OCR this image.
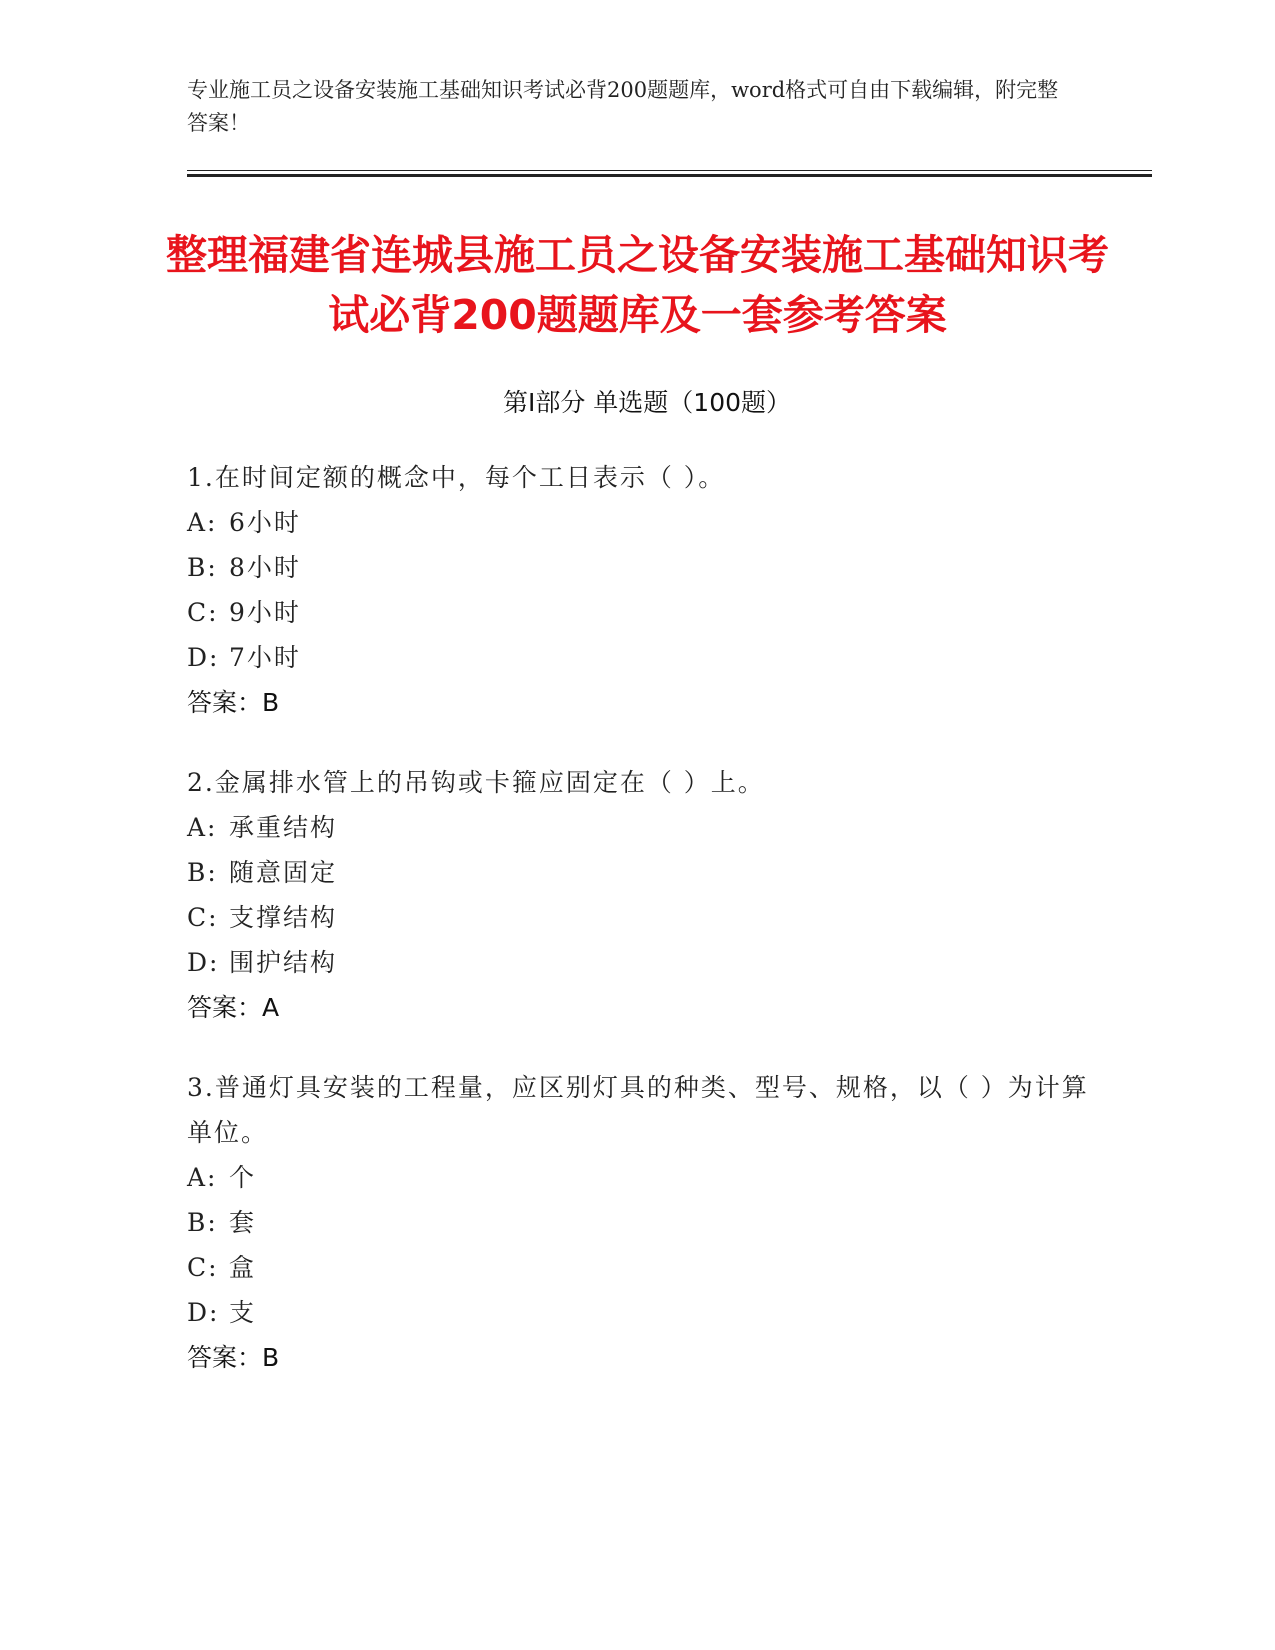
专业施工员之设备安装施工基础知识考试必背200题题库，word格式可自由下载编辑，附完整答案！
整理福建省连城县施工员之设备安装施工基础知识考试必背200题题库及一套参考答案
第Ⅰ部分 单选题（100题）

1.在时间定额的概念中，每个工日表示（ ）。

A: 6小时
B: 8小时
C: 9小时
D: 7小时
答案：B

2.金属排水管上的吊钩或卡箍应固定在（ ）上。

A: 承重结构
B: 随意固定
C: 支撑结构
D: 围护结构
答案：A

3.普通灯具安装的工程量，应区别灯具的种类、型号、规格，以（ ）为计算单位。

A: 个
B: 套
C: 盒
D: 支
答案：B
